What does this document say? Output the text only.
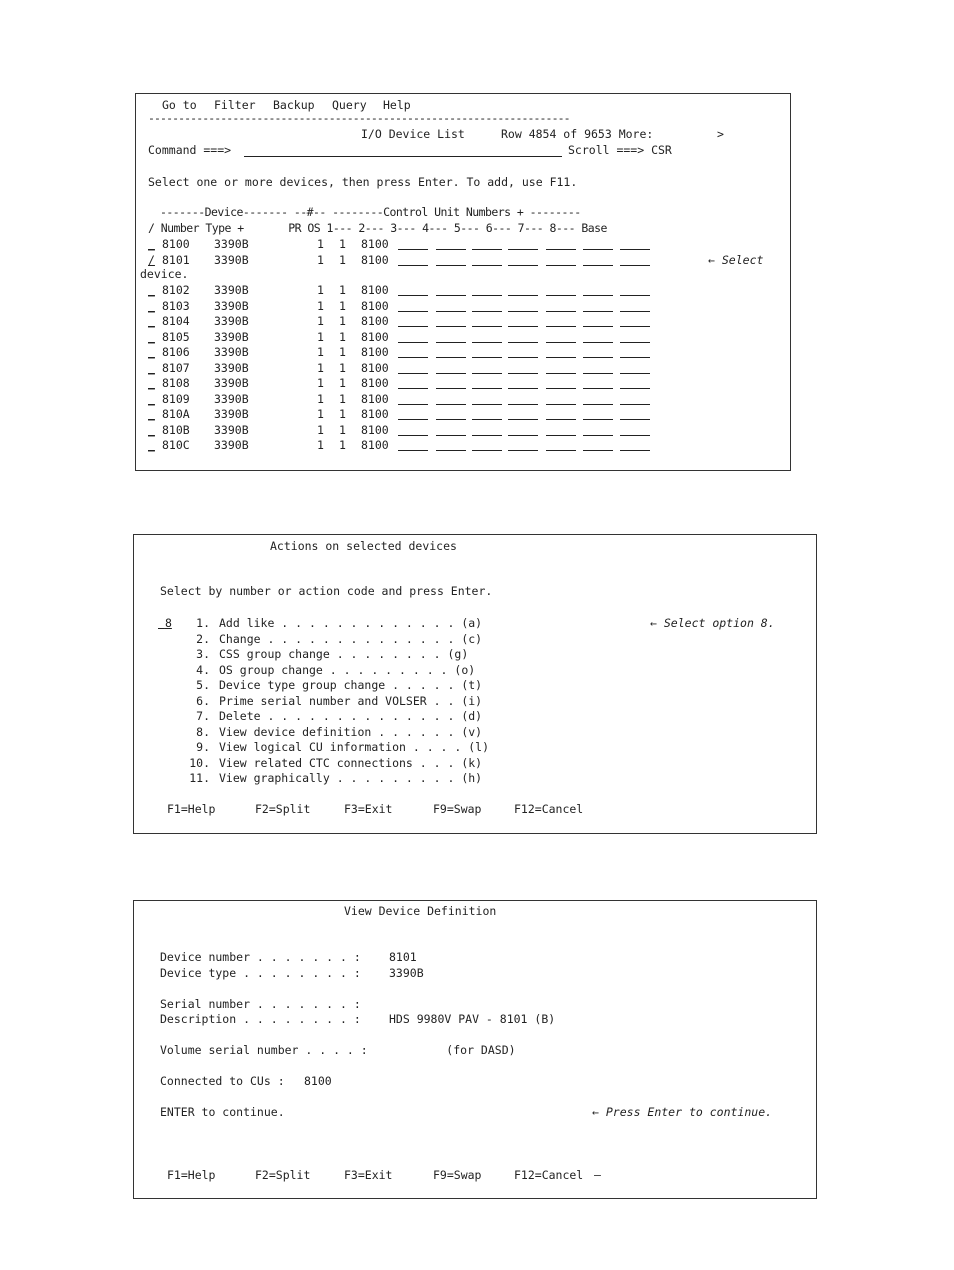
Go to Filter Backup Query Help
----------------------------------------------------------------------
I/O Device List	Row 4854 of 9653 More:	>
Command ===>	Scroll ===> CSR
Select one or more devices, then press Enter. To add, use F11.
-------Device------- --#-- --------Control Unit Numbers + --------
/ Number Type +       PR OS 1--- 2--- 3--- 4--- 5--- 6--- 7--- 8--- Base
_ 8100 3390B	1 1 8100
/ 8101 3390B	1 1 8100
_ 8102 3390B	1 1 8100
_ 8103 3390B	1 1 8100
_ 8104 3390B	1 1 8100
_ 8105 3390B	1 1 8100
_ 8106 3390B	1 1 8100
_ 8107 3390B	1 1 8100
_ 8108 3390B	1 1 8100
_ 8109 3390B	1 1 8100
_ 810A 3390B	1 1 8100
_ 810B 3390B	1 1 8100
_ 810C 3390B	1 1 8100
← Select
device.
Actions on selected devices
Select by number or action code and press Enter.
8	1. Add like . . . . . . . . . . . . . (a)
2. Change . . . . . . . . . . . . . . (c)
3. CSS group change . . . . . . . . (g)
4. OS group change . . . . . . . . . (o)
5. Device type group change . . . . . (t)
6. Prime serial number and VOLSER . . (i)
7. Delete . . . . . . . . . . . . . . (d)
8. View device definition . . . . . . (v)
9. View logical CU information . . . . (l)
10. View related CTC connections . . . (k)
11. View graphically . . . . . . . . . (h)
← Select option 8.
F1=Help	F2=Split	F3=Exit	F9=Swap	F12=Cancel
View Device Definition
Device number . . . . . . . : 8101
Device type . . . . . . . . : 3390B
Serial number . . . . . . . :
Description . . . . . . . . : HDS 9980V PAV - 8101 (B)
Volume serial number . . . . : (for DASD)
Connected to CUs : 8100
ENTER to continue.	← Press Enter to continue.
F1=Help	F2=Split	F3=Exit	F9=Swap	F12=Cancel –
